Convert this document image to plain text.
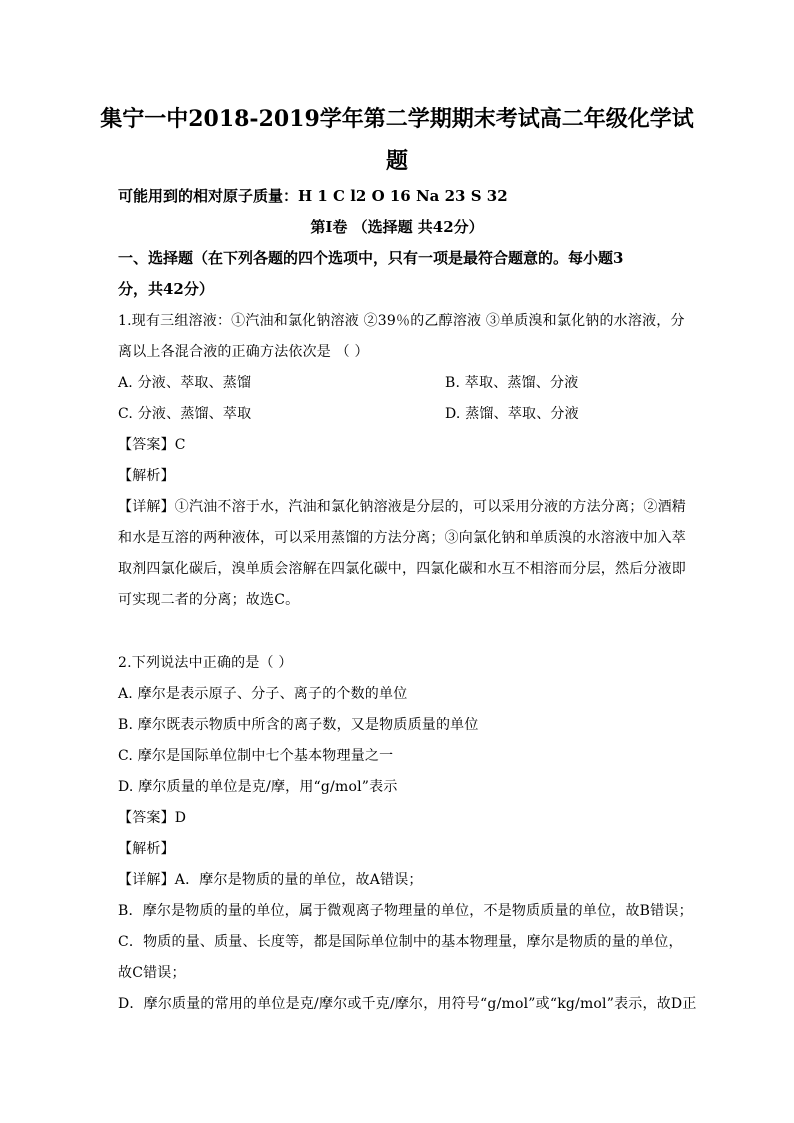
集宁一中2018-2019学年第二学期期末考试高二年级化学试
题
可能用到的相对原子质量：H 1 C l2 O 16 Na 23 S 32
第Ⅰ卷 （选择题 共42分）
一、选择题（在下列各题的四个选项中，只有一项是最符合题意的。每小题3
分，共42分）
1.现有三组溶液：①汽油和氯化钠溶液 ②39％的乙醇溶液 ③单质溴和氯化钠的水溶液，分
离以上各混合液的正确方法依次是 （ ）
A. 分液、萃取、蒸馏	B. 萃取、蒸馏、分液
C. 分液、蒸馏、萃取	D. 蒸馏、萃取、分液
【答案】C
【解析】
【详解】①汽油不溶于水，汽油和氯化钠溶液是分层的，可以采用分液的方法分离；②酒精
和水是互溶的两种液体，可以采用蒸馏的方法分离；③向氯化钠和单质溴的水溶液中加入萃
取剂四氯化碳后，溴单质会溶解在四氯化碳中，四氯化碳和水互不相溶而分层，然后分液即
可实现二者的分离；故选C。
2.下列说法中正确的是（ ）
A. 摩尔是表示原子、分子、离子的个数的单位
B. 摩尔既表示物质中所含的离子数，又是物质质量的单位
C. 摩尔是国际单位制中七个基本物理量之一
D. 摩尔质量的单位是克/摩，用“g/mol”表示
【答案】D
【解析】
【详解】A．摩尔是物质的量的单位，故A错误；
B．摩尔是物质的量的单位，属于微观离子物理量的单位，不是物质质量的单位，故B错误；
C．物质的量、质量、长度等，都是国际单位制中的基本物理量，摩尔是物质的量的单位，
故C错误；
D．摩尔质量的常用的单位是克/摩尔或千克/摩尔，用符号“g/mol”或“kg/mol”表示，故D正
